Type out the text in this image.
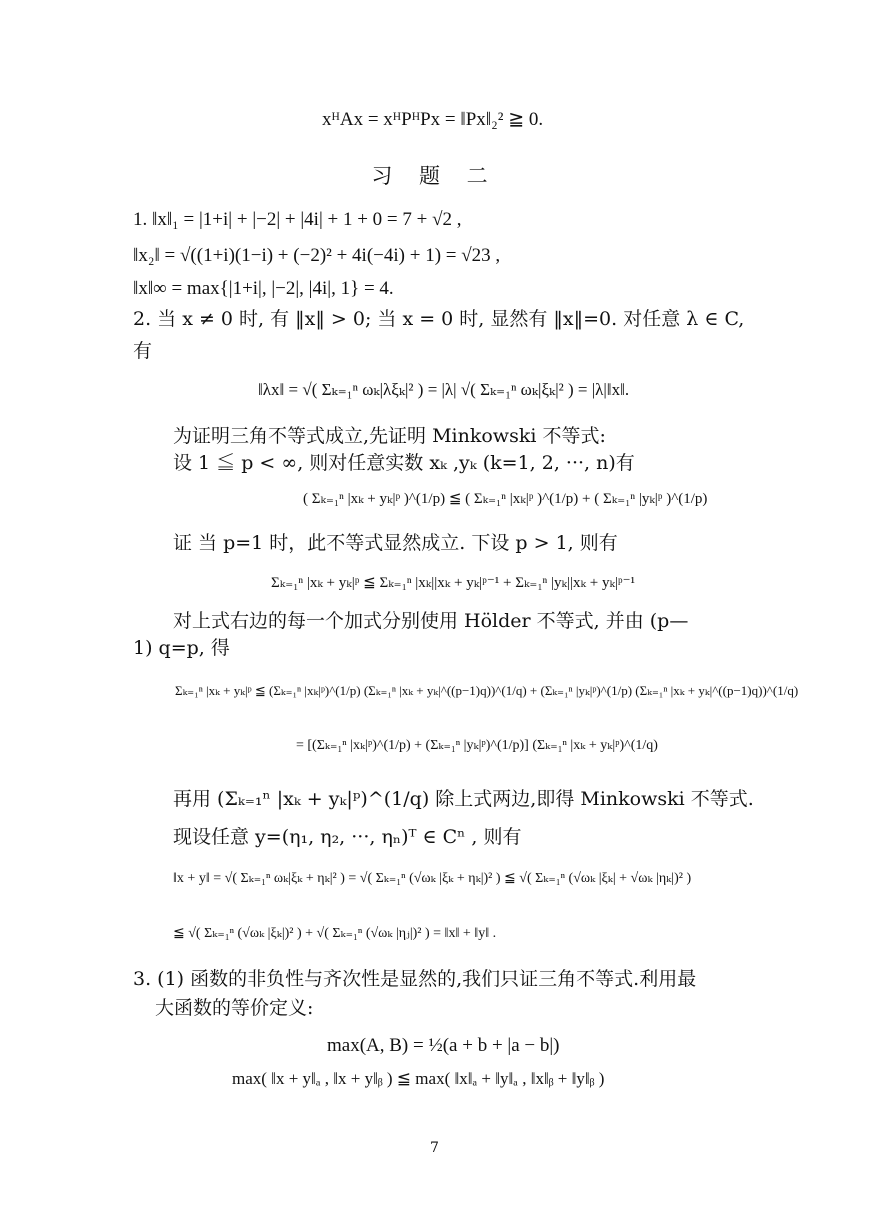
xᴴAx = xᴴPᴴPx = ‖Px‖₂² ≧ 0.
习 题 二
1. ‖x‖₁ = |1+i| + |−2| + |4i| + 1 + 0 = 7 + √2 ,
‖x₂‖ = √((1+i)(1−i) + (−2)² + 4i(−4i) + 1) = √23 ,
‖x‖∞ = max{|1+i|, |−2|, |4i|, 1} = 4.
2. 当 x ≠ 0 时, 有 ‖x‖ > 0; 当 x = 0 时, 显然有 ‖x‖=0. 对任意 λ ∈ C,
有
‖λx‖ = √( Σₖ₌₁ⁿ ωₖ|λξₖ|² ) = |λ| √( Σₖ₌₁ⁿ ωₖ|ξₖ|² ) = |λ|‖x‖.
为证明三角不等式成立,先证明 Minkowski 不等式:
设 1 ≦ p < ∞, 则对任意实数 xₖ ,yₖ (k=1, 2, ···, n)有
( Σₖ₌₁ⁿ |xₖ + yₖ|ᵖ )^(1/p) ≦ ( Σₖ₌₁ⁿ |xₖ|ᵖ )^(1/p) + ( Σₖ₌₁ⁿ |yₖ|ᵖ )^(1/p)
证 当 p=1 时，此不等式显然成立. 下设 p > 1, 则有
Σₖ₌₁ⁿ |xₖ + yₖ|ᵖ ≦ Σₖ₌₁ⁿ |xₖ||xₖ + yₖ|ᵖ⁻¹ + Σₖ₌₁ⁿ |yₖ||xₖ + yₖ|ᵖ⁻¹
对上式右边的每一个加式分别使用 Hölder 不等式, 并由 (p—
1) q=p, 得
Σₖ₌₁ⁿ |xₖ + yₖ|ᵖ ≦ (Σₖ₌₁ⁿ |xₖ|ᵖ)^(1/p) (Σₖ₌₁ⁿ |xₖ + yₖ|^((p−1)q))^(1/q) + (Σₖ₌₁ⁿ |yₖ|ᵖ)^(1/p) (Σₖ₌₁ⁿ |xₖ + yₖ|^((p−1)q))^(1/q)
= [(Σₖ₌₁ⁿ |xₖ|ᵖ)^(1/p) + (Σₖ₌₁ⁿ |yₖ|ᵖ)^(1/p)] (Σₖ₌₁ⁿ |xₖ + yₖ|ᵖ)^(1/q)
再用 (Σₖ₌₁ⁿ |xₖ + yₖ|ᵖ)^(1/q) 除上式两边,即得 Minkowski 不等式.
现设任意 y=(η₁, η₂, ···, ηₙ)ᵀ ∈ Cⁿ , 则有
‖x + y‖ = √( Σₖ₌₁ⁿ ωₖ|ξₖ + ηₖ|² ) = √( Σₖ₌₁ⁿ (√ωₖ |ξₖ + ηₖ|)² ) ≦ √( Σₖ₌₁ⁿ (√ωₖ |ξₖ| + √ωₖ |ηₖ|)² )
≦ √( Σₖ₌₁ⁿ (√ωₖ |ξₖ|)² ) + √( Σₖ₌₁ⁿ (√ωₖ |ηⱼ|)² ) = ‖x‖ + ‖y‖ .
3. (1) 函数的非负性与齐次性是显然的,我们只证三角不等式.利用最
大函数的等价定义:
max(A, B) = ½(a + b + |a − b|)
max( ‖x + y‖ₐ , ‖x + y‖ᵦ ) ≦ max( ‖x‖ₐ + ‖y‖ₐ , ‖x‖ᵦ + ‖y‖ᵦ )
7
